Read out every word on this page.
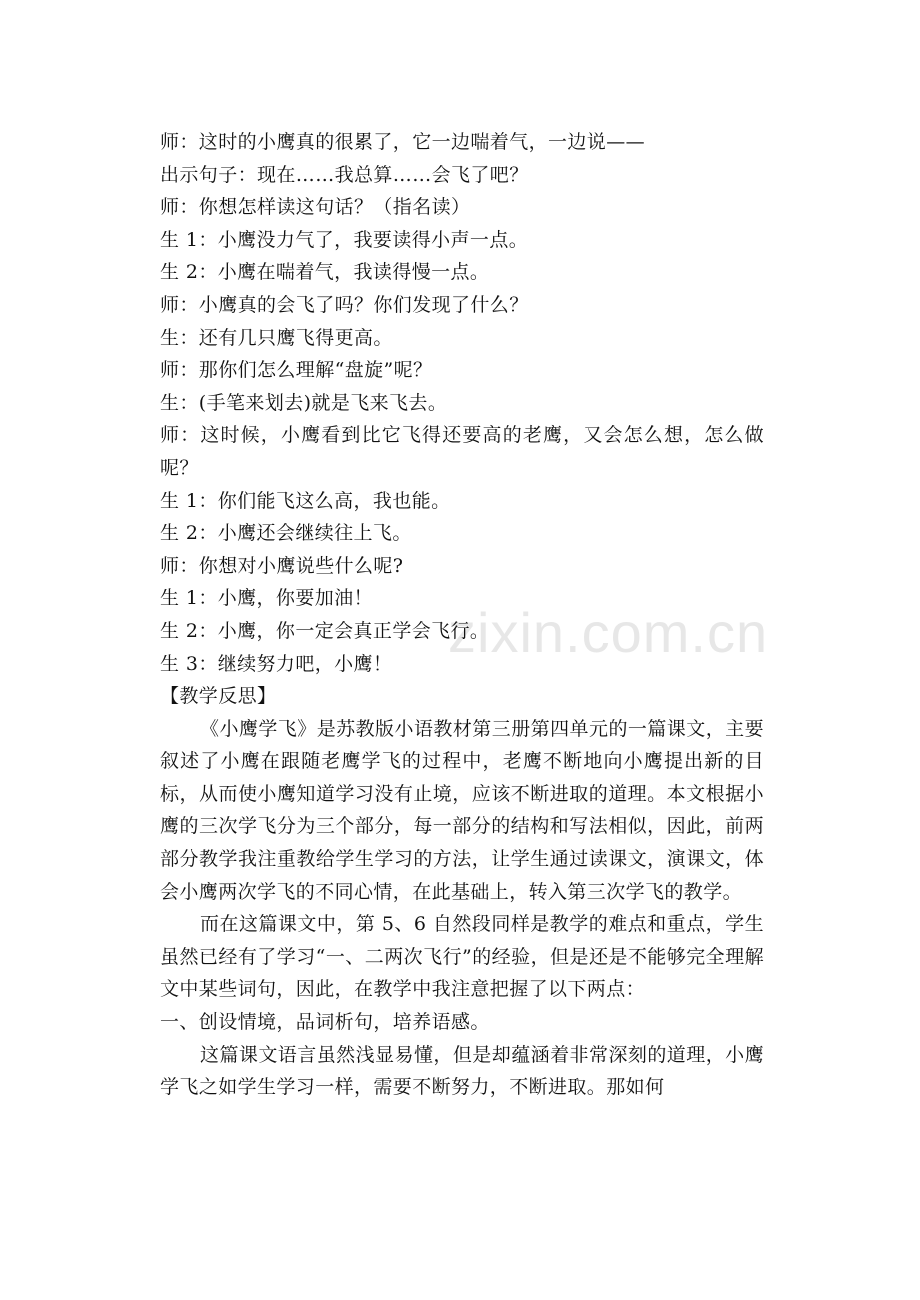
zixin.com.cn
师：这时的小鹰真的很累了，它一边喘着气，一边说——
出示句子：现在……我总算……会飞了吧？
师：你想怎样读这句话？（指名读）
生 1：小鹰没力气了，我要读得小声一点。
生 2：小鹰在喘着气，我读得慢一点。
师：小鹰真的会飞了吗？你们发现了什么？
生：还有几只鹰飞得更高。
师：那你们怎么理解“盘旋”呢？
生：(手笔来划去)就是飞来飞去。

师：这时候，小鹰看到比它飞得还要高的老鹰，又会怎么想，怎么做呢？

生 1：你们能飞这么高，我也能。
生 2：小鹰还会继续往上飞。
师：你想对小鹰说些什么呢?
生 1：小鹰，你要加油！
生 2：小鹰，你一定会真正学会飞行。
生 3：继续努力吧，小鹰！
【教学反思】

《小鹰学飞》是苏教版小语教材第三册第四单元的一篇课文，主要叙述了小鹰在跟随老鹰学飞的过程中，老鹰不断地向小鹰提出新的目标，从而使小鹰知道学习没有止境，应该不断进取的道理。本文根据小鹰的三次学飞分为三个部分，每一部分的结构和写法相似，因此，前两部分教学我注重教给学生学习的方法，让学生通过读课文，演课文，体会小鹰两次学飞的不同心情，在此基础上，转入第三次学飞的教学。

而在这篇课文中，第 5、6 自然段同样是教学的难点和重点，学生虽然已经有了学习“一、二两次飞行”的经验，但是还是不能够完全理解文中某些词句，因此，在教学中我注意把握了以下两点：

一、创设情境，品词析句，培养语感。

这篇课文语言虽然浅显易懂，但是却蕴涵着非常深刻的道理，小鹰学飞之如学生学习一样，需要不断努力，不断进取。那如何
